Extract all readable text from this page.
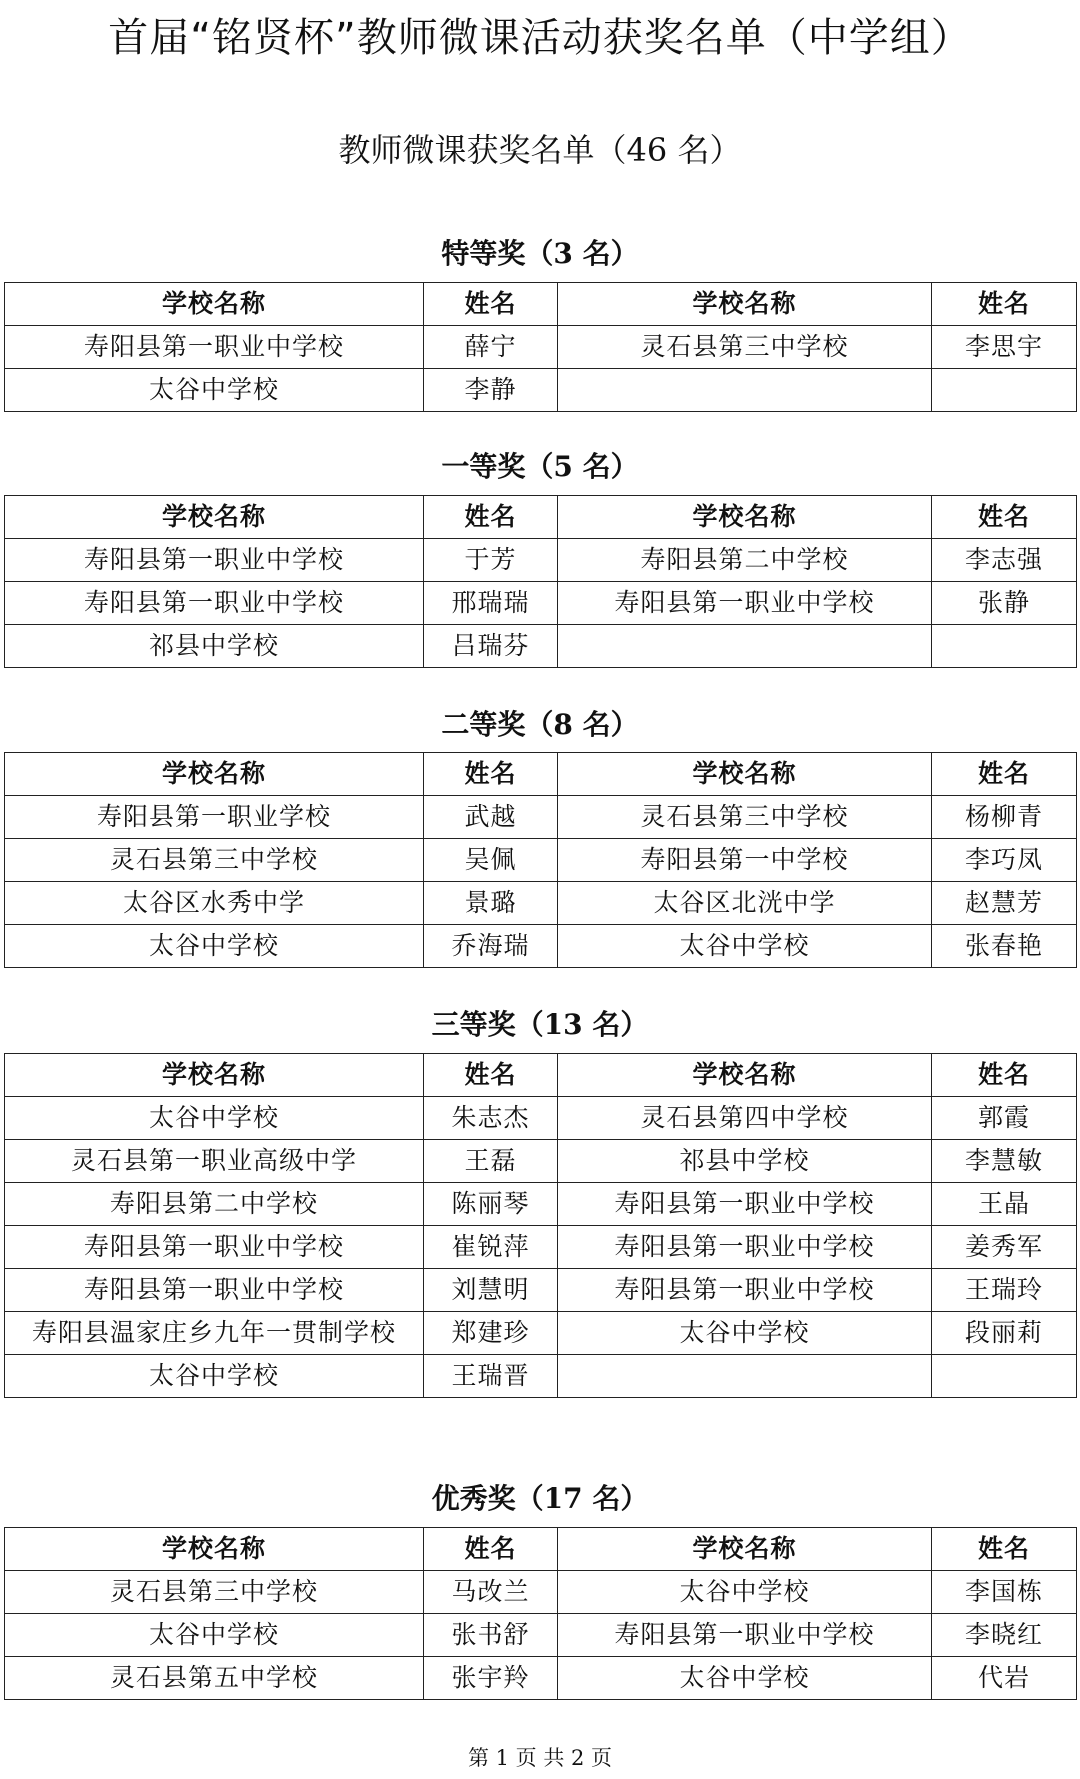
首届“铭贤杯”教师微课活动获奖名单（中学组）
教师微课获奖名单（46 名）
特等奖（3 名）
学校名称	姓名	学校名称	姓名
寿阳县第一职业中学校	薛宁	灵石县第三中学校	李思宇
太谷中学校	李静		
一等奖（5 名）
学校名称	姓名	学校名称	姓名
寿阳县第一职业中学校	于芳	寿阳县第二中学校	李志强
寿阳县第一职业中学校	邢瑞瑞	寿阳县第一职业中学校	张静
祁县中学校	吕瑞芬		
二等奖（8 名）
学校名称	姓名	学校名称	姓名
寿阳县第一职业学校	武越	灵石县第三中学校	杨柳青
灵石县第三中学校	吴佩	寿阳县第一中学校	李巧凤
太谷区水秀中学	景璐	太谷区北洸中学	赵慧芳
太谷中学校	乔海瑞	太谷中学校	张春艳
三等奖（13 名）
学校名称	姓名	学校名称	姓名
太谷中学校	朱志杰	灵石县第四中学校	郭霞
灵石县第一职业高级中学	王磊	祁县中学校	李慧敏
寿阳县第二中学校	陈丽琴	寿阳县第一职业中学校	王晶
寿阳县第一职业中学校	崔锐萍	寿阳县第一职业中学校	姜秀军
寿阳县第一职业中学校	刘慧明	寿阳县第一职业中学校	王瑞玲
寿阳县温家庄乡九年一贯制学校	郑建珍	太谷中学校	段丽莉
太谷中学校	王瑞晋		
优秀奖（17 名）
学校名称	姓名	学校名称	姓名
灵石县第三中学校	马改兰	太谷中学校	李国栋
太谷中学校	张书舒	寿阳县第一职业中学校	李晓红
灵石县第五中学校	张宇羚	太谷中学校	代岩
第 1 页 共 2 页
